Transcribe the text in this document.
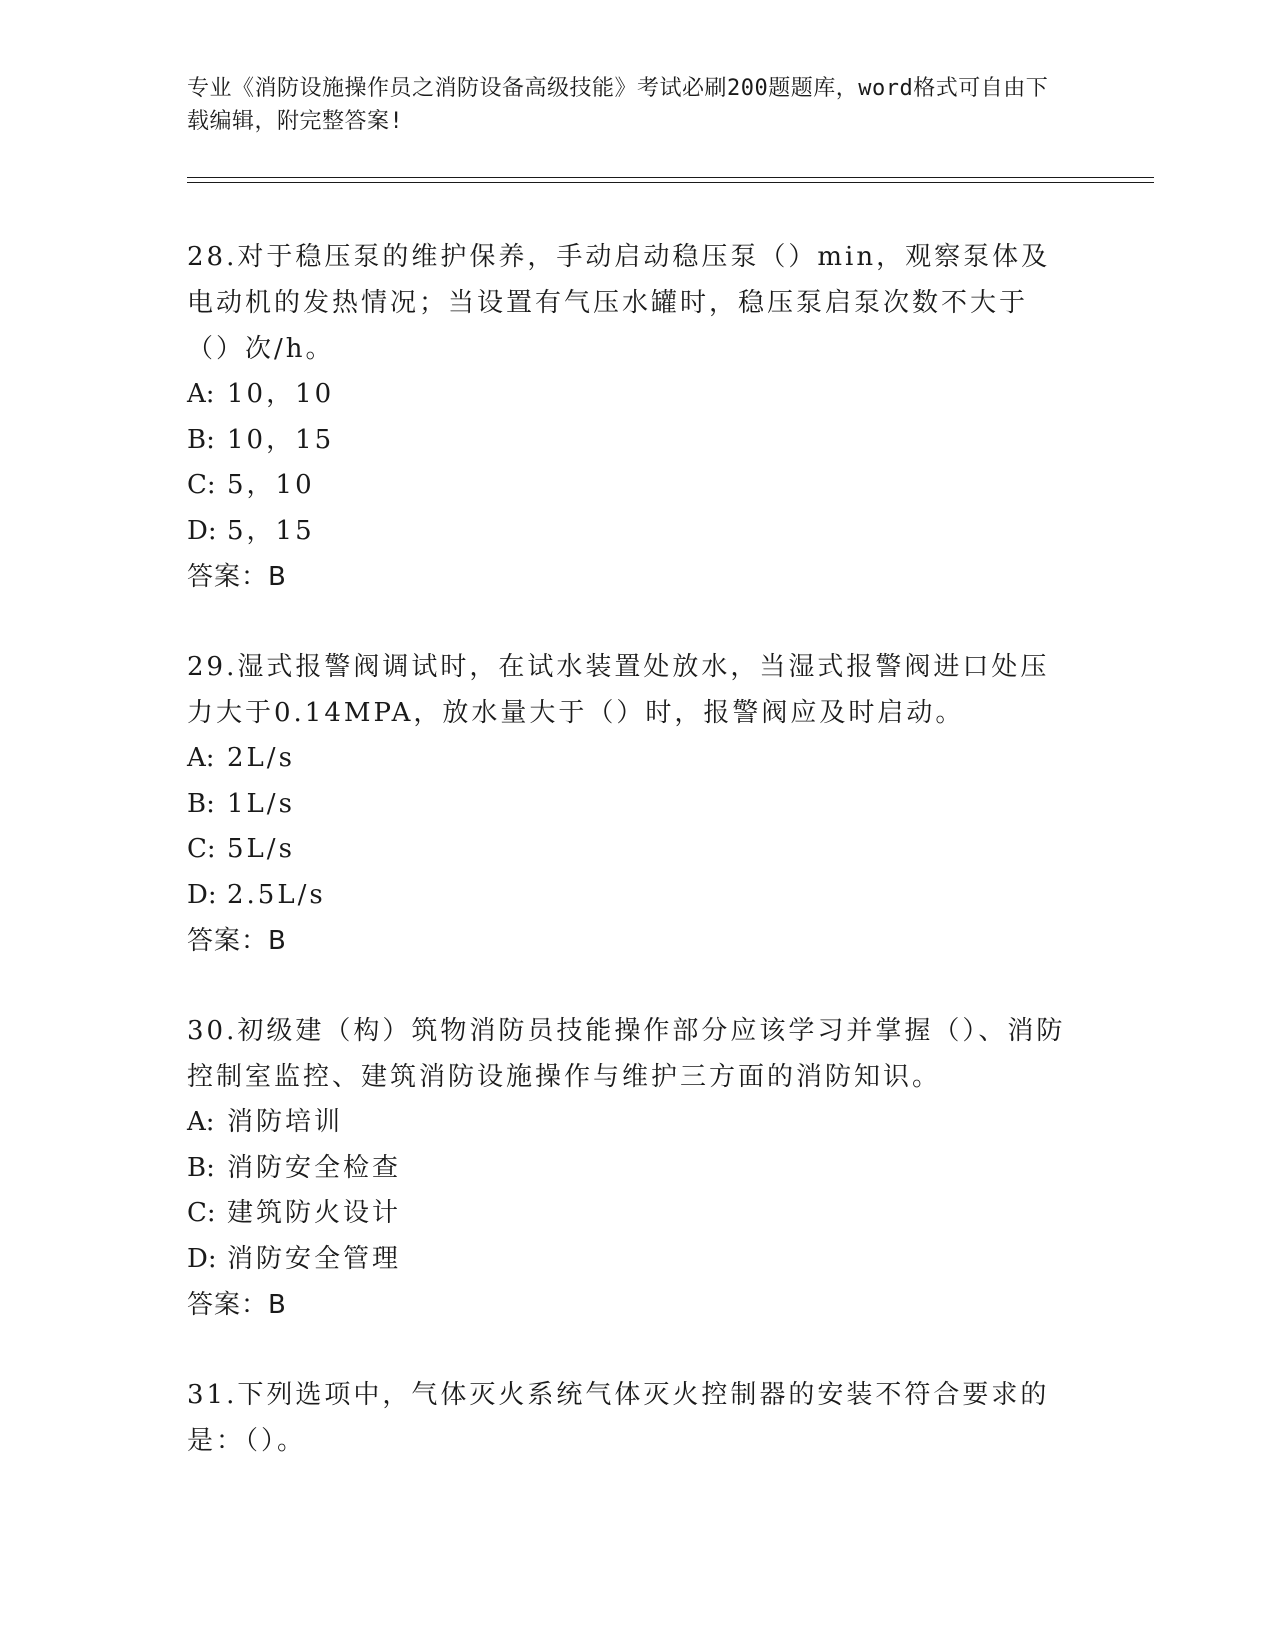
专业《消防设施操作员之消防设备高级技能》考试必刷200题题库，word格式可自由下载编辑，附完整答案!

28.对于稳压泵的维护保养，手动启动稳压泵（）min，观察泵体及电动机的发热情况；当设置有气压水罐时，稳压泵启泵次数不大于（）次/h。

A: 10，10

B: 10，15

C: 5，10

D: 5，15

答案：B

29.湿式报警阀调试时，在试水装置处放水，当湿式报警阀进口处压力大于0.14MPA，放水量大于（）时，报警阀应及时启动。

A: 2L/s

B: 1L/s

C: 5L/s

D: 2.5L/s

答案：B

30.初级建（构）筑物消防员技能操作部分应该学习并掌握（）、消防控制室监控、建筑消防设施操作与维护三方面的消防知识。

A: 消防培训

B: 消防安全检查

C: 建筑防火设计

D: 消防安全管理

答案：B

31.下列选项中，气体灭火系统气体灭火控制器的安装不符合要求的是：（）。
